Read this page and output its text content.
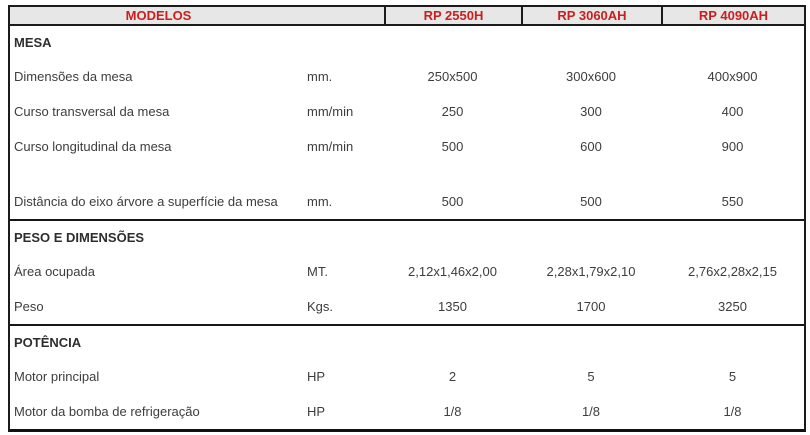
MODELOS	RP 2550H	RP 3060AH	RP 4090AH
MESA
Dimensões da mesa	mm.	250x500	300x600	400x900
Curso transversal da mesa	mm/min	250	300	400
Curso longitudinal da mesa	mm/min	500	600	900
Distância do eixo árvore a superfície da mesa	mm.	500	500	550
PESO E DIMENSÕES
Área ocupada	MT.	2,12x1,46x2,00	2,28x1,79x2,10	2,76x2,28x2,15
Peso	Kgs.	1350	1700	3250
POTÊNCIA
Motor principal	HP	2	5	5
Motor da bomba de refrigeração	HP	1/8	1/8	1/8
